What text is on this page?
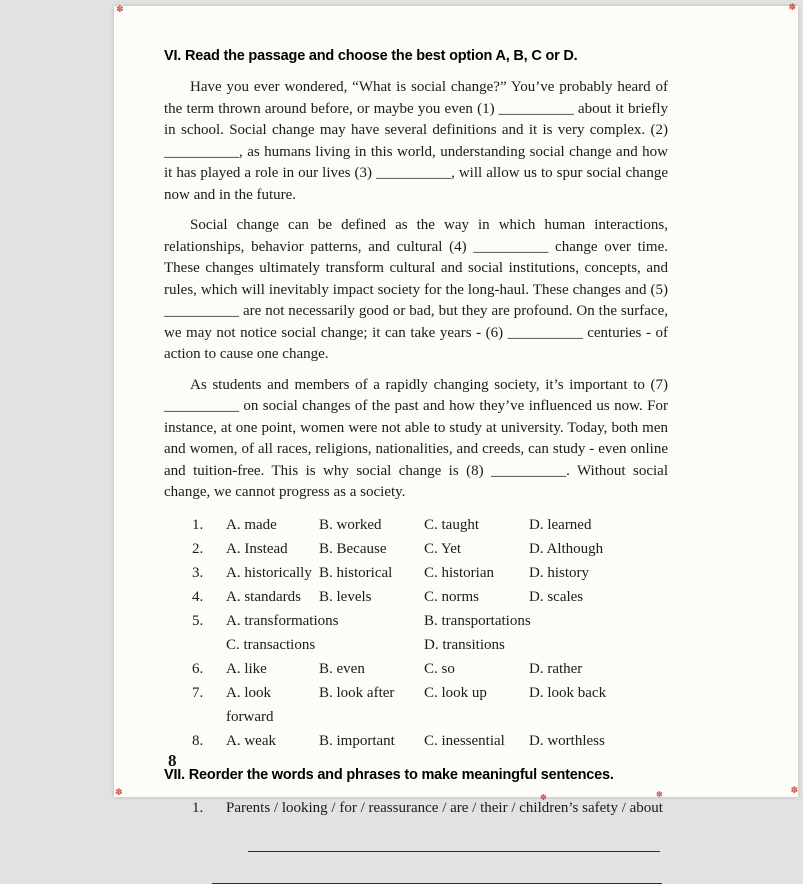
VI. Read the passage and choose the best option A, B, C or D.

Have you ever wondered, “What is social change?” You’ve probably heard of the term thrown around before, or maybe you even (1) __________ about it briefly in school. Social change may have several definitions and it is very complex. (2) __________, as humans living in this world, understanding social change and how it has played a role in our lives (3) __________, will allow us to spur social change now and in the future.

Social change can be defined as the way in which human interactions, relationships, behavior patterns, and cultural (4) __________ change over time. These changes ultimately transform cultural and social institutions, concepts, and rules, which will inevitably impact society for the long-haul. These changes and (5) __________ are not necessarily good or bad, but they are profound. On the surface, we may not notice social change; it can take years - (6) __________ centuries - of action to cause one change.

As students and members of a rapidly changing society, it’s important to (7) __________ on social changes of the past and how they’ve influenced us now. For instance, at one point, women were not able to study at university. Today, both men and women, of all races, religions, nationalities, and creeds, can study - even online and tuition-free. This is why social change is (8) __________. Without social change, we cannot progress as a society.

1.	A. made	B. worked	C. taught	D. learned
2.	A. Instead	B. Because	C. Yet	D. Although
3.	A. historically B. historical	C. historian	D. history
4.	A. standards	B. levels	C. norms	D. scales
5.	A. transformations	B. transportations
C. transactions	D. transitions
6.	A. like	B. even	C. so	D. rather
7.	A. look forward
B. look after	C. look up	D. look back
8.	A. weak	B. important	C. inessential	D. worthless
VII. Reorder the words and phrases to make meaningful sentences.
1.	Parents / looking / for / reassurance / are / their / children’s safety / about
8
✽	✽
✽	✽
✽	✽
